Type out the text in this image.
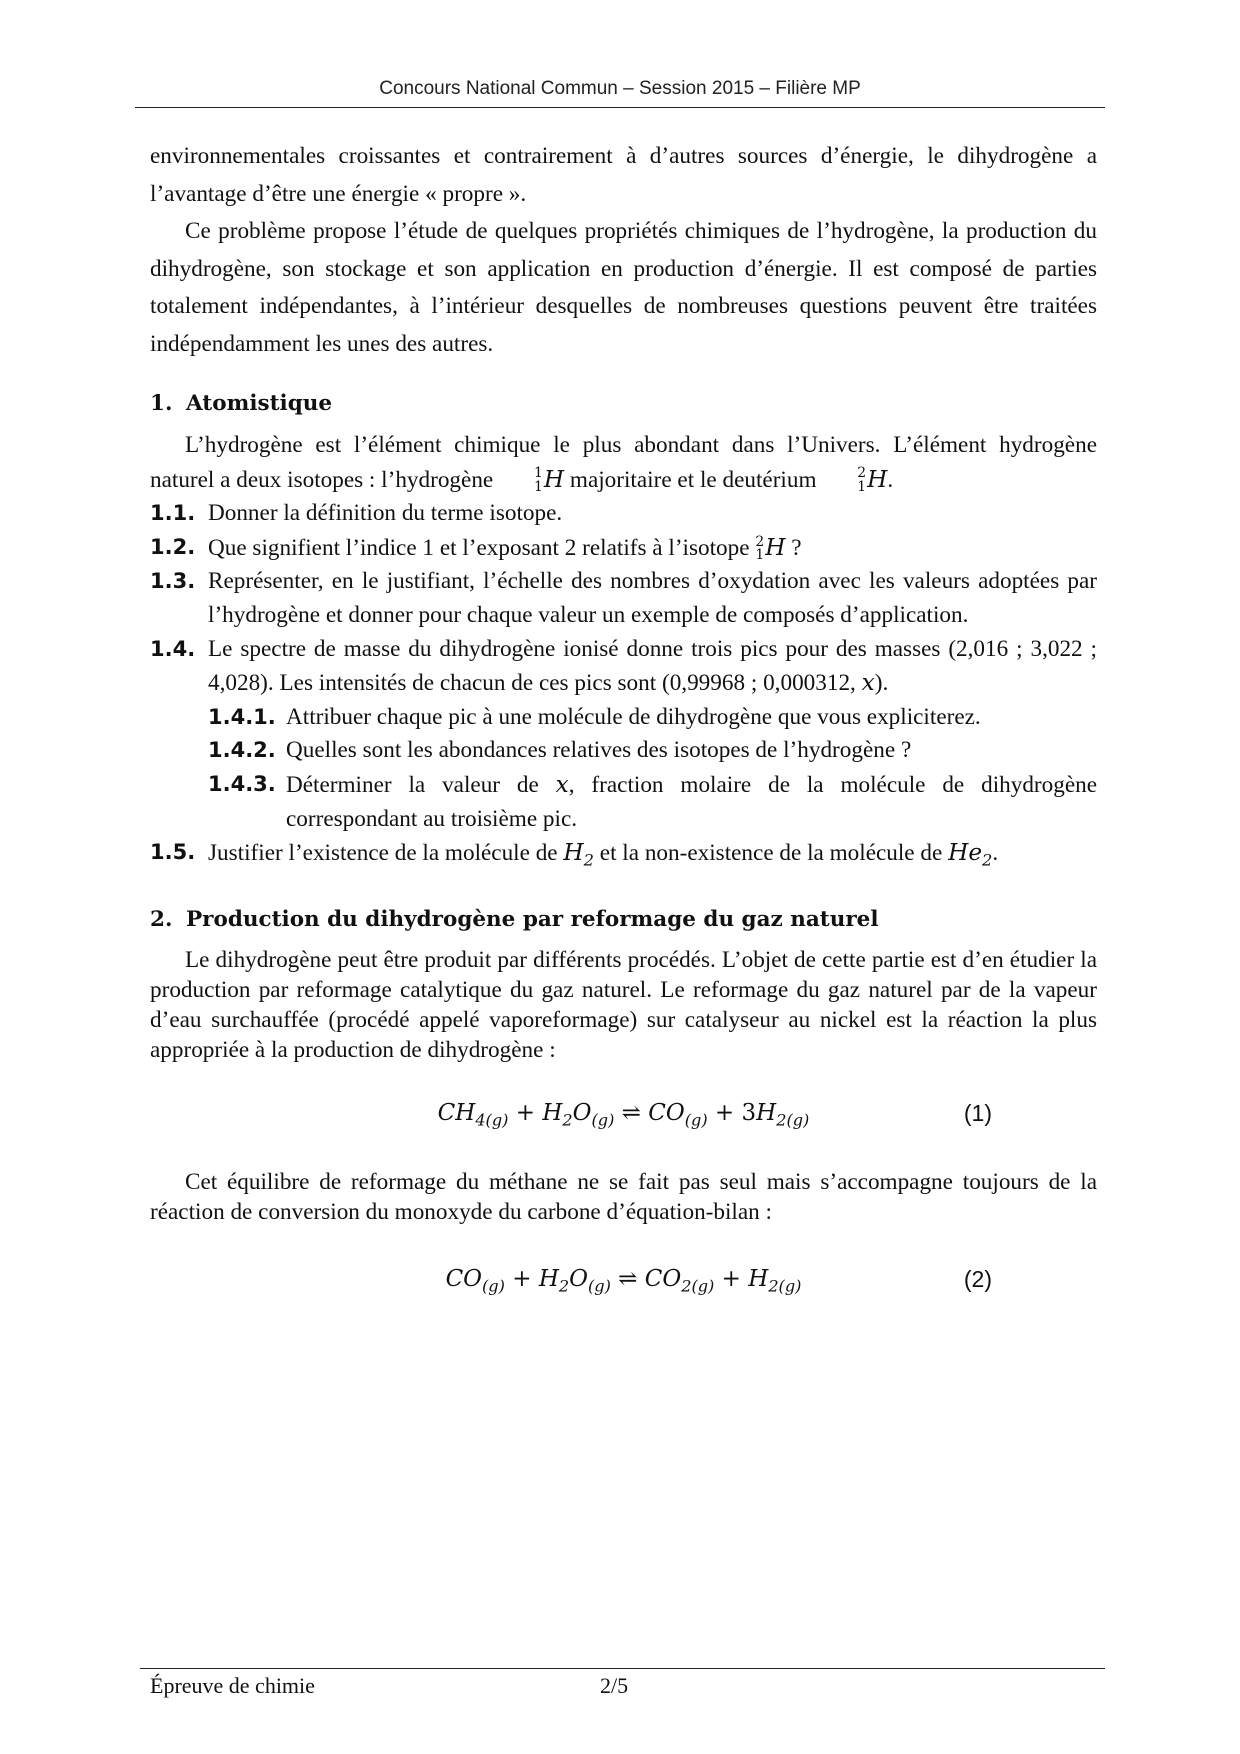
Concours National Commun – Session 2015 – Filière MP

environnementales croissantes et contrairement à d’autres sources d’énergie, le dihydrogène a l’avantage d’être une énergie « propre ».

Ce problème propose l’étude de quelques propriétés chimiques de l’hydrogène, la production du dihydrogène, son stockage et son application en production d’énergie. Il est composé de parties totalement indépendantes, à l’intérieur desquelles de nombreuses questions peuvent être traitées indépendamment les unes des autres.

1. Atomistique

L’hydrogène est l’élément chimique le plus abondant dans l’Univers. L’élément hydrogène naturel a deux isotopes : l’hydrogène	1
1 H majoritaire et le deutérium	2
1 H.

1.1. Donner la définition du terme isotope.
1.2. Que signifient l’indice 1 et l’exposant 2 relatifs à l’isotope 2
1 H ?
1.3. Représenter, en le justifiant, l’échelle des nombres d’oxydation avec les valeurs adoptées par l’hydrogène et donner pour chaque valeur un exemple de composés d’application.
1.4. Le spectre de masse du dihydrogène ionisé donne trois pics pour des masses (2,016 ; 3,022 ; 4,028). Les intensités de chacun de ces pics sont (0,99968 ; 0,000312, x).
1.4.1. Attribuer chaque pic à une molécule de dihydrogène que vous expliciterez.
1.4.2. Quelles sont les abondances relatives des isotopes de l’hydrogène ?
1.4.3. Déterminer la valeur de x, fraction molaire de la molécule de dihydrogène correspondant au troisième pic.
1.5. Justifier l’existence de la molécule de $H_2$ et la non-existence de la molécule de $He_2$.
2. Production du dihydrogène par reformage du gaz naturel

Le dihydrogène peut être produit par différents procédés. L’objet de cette partie est d’en étudier la production par reformage catalytique du gaz naturel. Le reformage du gaz naturel par de la vapeur d’eau surchauffée (procédé appelé vaporeformage) sur catalyseur au nickel est la réaction la plus appropriée à la production de dihydrogène :

$CH_{4(g)} + H_2O_{(g)}$ ⇌ $CO_{(g)} + 3H_{2(g)}$	(1)

Cet équilibre de reformage du méthane ne se fait pas seul mais s’accompagne toujours de la réaction de conversion du monoxyde du carbone d’équation-bilan :

$CO_{(g)} + H_2O_{(g)}$ ⇌ $CO_{2(g)} + H_{2(g)}$	(2)
Épreuve de chimie	2/5
